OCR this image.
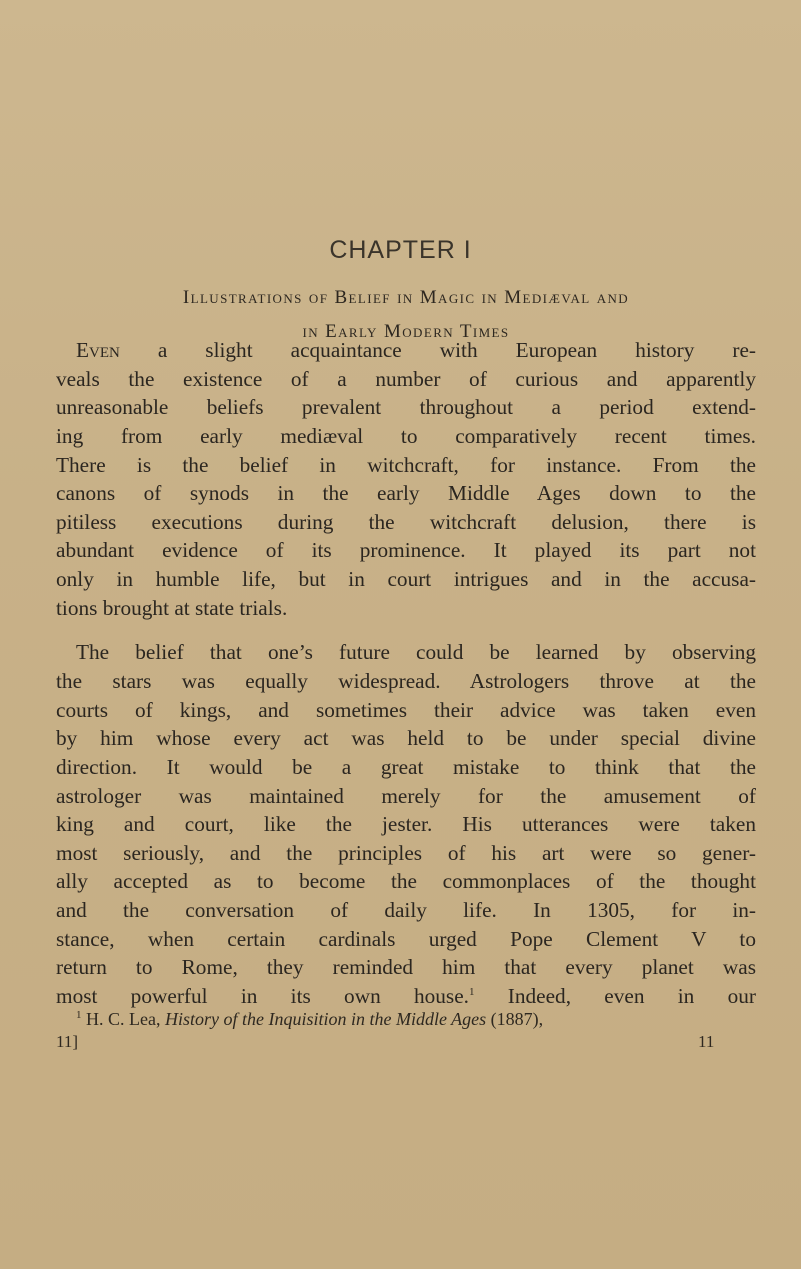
CHAPTER I
Illustrations of Belief in Magic in Mediæval and
in Early Modern Times
Even a slight acquaintance with European history re-
veals the existence of a number of curious and apparently
unreasonable beliefs prevalent throughout a period extend-
ing from early mediæval to comparatively recent times.
There is the belief in witchcraft, for instance. From the
canons of synods in the early Middle Ages down to the
pitiless executions during the witchcraft delusion, there is
abundant evidence of its prominence. It played its part not
only in humble life, but in court intrigues and in the accusa-
tions brought at state trials.
The belief that one’s future could be learned by observing
the stars was equally widespread. Astrologers throve at the
courts of kings, and sometimes their advice was taken even
by him whose every act was held to be under special divine
direction. It would be a great mistake to think that the
astrologer was maintained merely for the amusement of
king and court, like the jester. His utterances were taken
most seriously, and the principles of his art were so gener-
ally accepted as to become the commonplaces of the thought
and the conversation of daily life. In 1305, for in-
stance, when certain cardinals urged Pope Clement V to
$^1$ H. C. Lea, History of the Inquisition in the Middle Ages (1887),
11]	11
return to Rome, they reminded him that every planet was
most powerful in its own house.$^1$ Indeed, even in our
